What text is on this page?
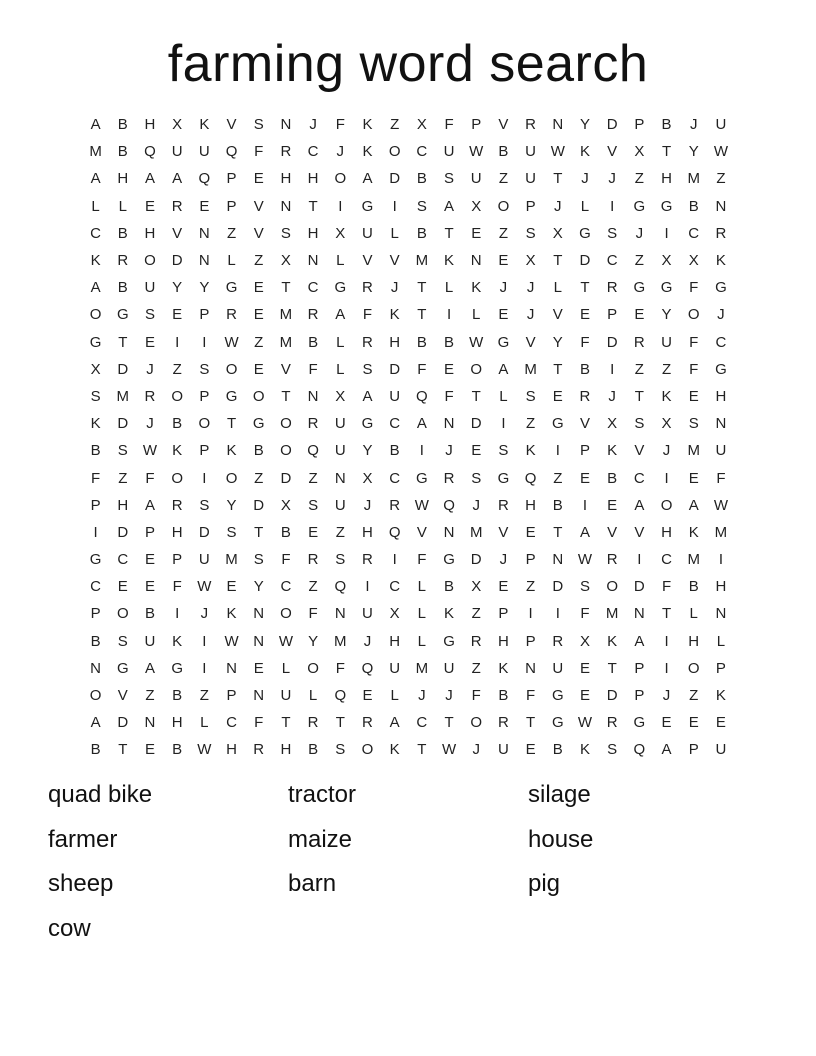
farming word search
A	B	H	X	K	V	S	N	J	F	K	Z	X	F	P	V	R	N	Y	D	P	B	J	U
M	B	Q	U	U	Q	F	R	C	J	K	O	C	U W	B	U W	K	V	X	T	Y	W
A	H	A	A	Q	P	E	H	H	O	A	D	B	S	U	Z	U	T	J	J	Z	H	M	Z
L	L	E	R	E	P	V	N	T	I	G	I	S	A	X	O	P	J	L	I	G	G	B	N
C	B	H	V	N	Z	V	S	H	X	U	L	B	T	E	Z	S	X	G	S	J	I	C	R
K	R	O	D	N	L	Z	X	N	L	V	V	M	K	N	E	X	T	D	C	Z	X	X	K
A	B	U	Y	Y	G	E	T	C	G	R	J	T	L	K	J	J	L	T	R	G	G	F	G
O	G	S	E	P	R	E	M	R	A	F	K	T	I	L	E	J	V	E	P	E	Y	O	J
G	T	E	I	I	W	Z	M	B	L	R	H	B	B	W G	V	Y	F	D	R	U	F	C
X	D	J	Z	S	O	E	V	F	L	S	D	F	E	O	A	M	T	B	I	Z	Z	F	G
S	M	R	O	P	G	O	T	N	X	A	U	Q	F	T	L	S	E	R	J	T	K	E	H
K	D	J	B	O	T	G	O	R	U	G	C	A	N	D	I	Z	G	V	X	S	X	S	N
B	S	W	K	P	K	B	O	Q	U	Y	B	I	J	E	S	K	I	P	K	V	J	M	U
F	Z	F	O	I	O	Z	D	Z	N	X	C	G	R	S	G	Q	Z	E	B	C	I	E	F
P	H	A	R	S	Y	D	X	S	U	J	R W Q	J	R	H	B	I	E	A	O	A	W
I	D	P	H	D	S	T	B	E	Z	H	Q	V	N	M	V	E	T	A	V	V	H	K	M
G	C	E	P	U	M	S	F	R	S	R	I	F	G	D	J	P	N W R	I	C	M	I
C	E	E	F	W	E	Y	C	Z	Q	I	C	L	B	X	E	Z	D	S	O	D	F	B	H
P	O	B	I	J	K	N	O	F	N	U	X	L	K	Z	P	I	I	F	M	N	T	L	N
B	S	U	K	I	W N W	Y	M	J	H	L	G	R	H	P	R	X	K	A	I	H	L
N	G	A	G	I	N	E	L	O	F	Q	U	M	U	Z	K	N	U	E	T	P	I	O	P
O	V	Z	B	Z	P	N	U	L	Q	E	L	J	J	F	B	F	G	E	D	P	J	Z	K
A	D	N	H	L	C	F	T	R	T	R	A	C	T	O	R	T	G W R	G	E	E	E
B	T	E	B	W H	R	H	B	S	O	K	T	W	J	U	E	B	K	S	Q	A	P	U
quad bike	tractor	silage
farmer	maize	house
sheep	barn	pig
cow
